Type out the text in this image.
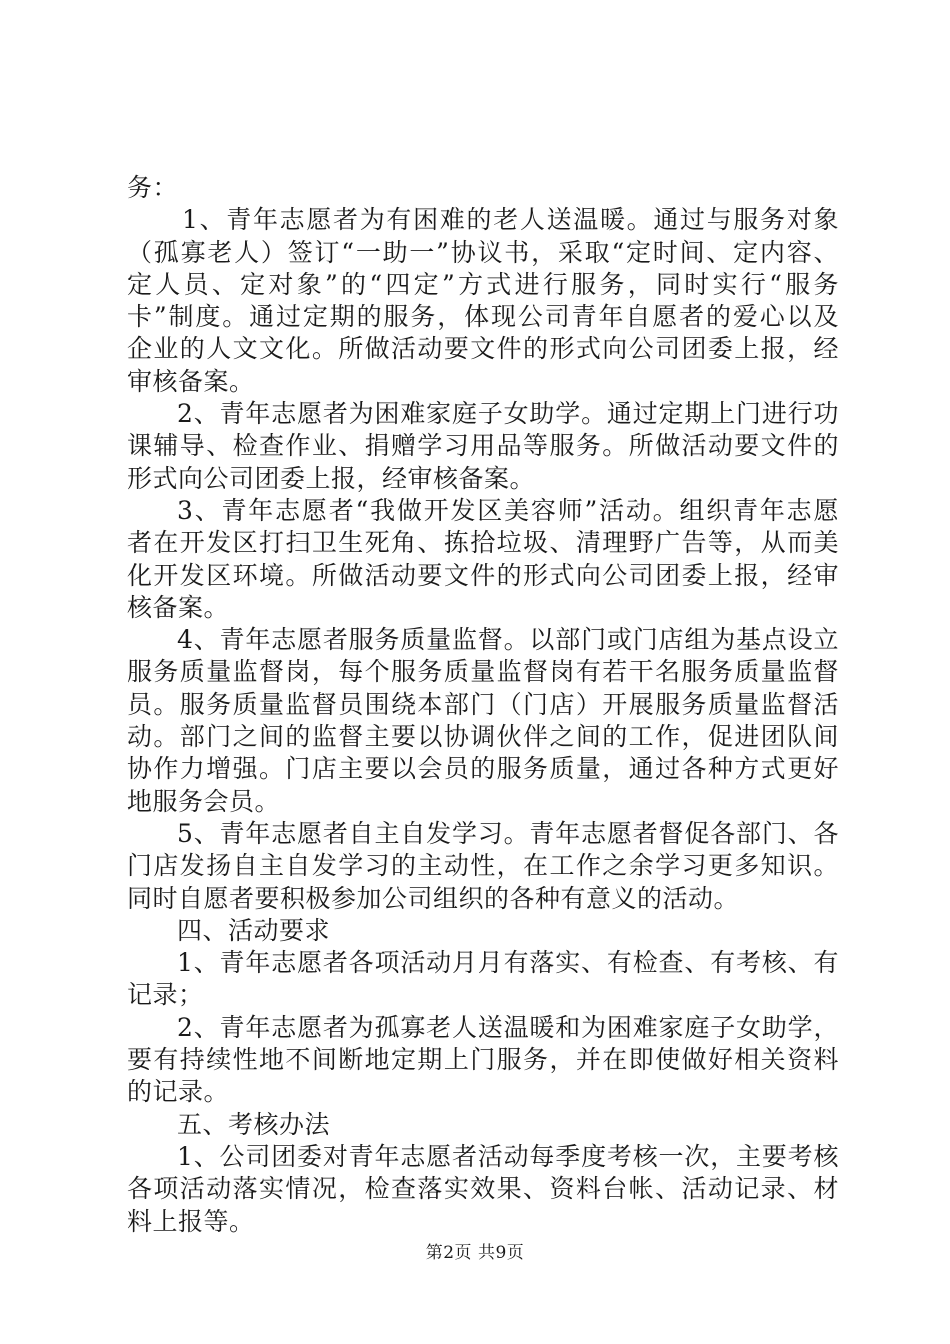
务：
1、青年志愿者为有困难的老人送温暖。通过与服务对象
（孤寡老人）签订“一助一”协议书，采取“定时间、定内容、
定人员、定对象”的“四定”方式进行服务，同时实行“服务
卡”制度。通过定期的服务，体现公司青年自愿者的爱心以及
企业的人文文化。所做活动要文件的形式向公司团委上报，经
审核备案。
2、青年志愿者为困难家庭子女助学。通过定期上门进行功
课辅导、检查作业、捐赠学习用品等服务。所做活动要文件的
形式向公司团委上报，经审核备案。
3、青年志愿者“我做开发区美容师”活动。组织青年志愿
者在开发区打扫卫生死角、拣拾垃圾、清理野广告等，从而美
化开发区环境。所做活动要文件的形式向公司团委上报，经审
核备案。
4、青年志愿者服务质量监督。以部门或门店组为基点设立
服务质量监督岗，每个服务质量监督岗有若干名服务质量监督
员。服务质量监督员围绕本部门（门店）开展服务质量监督活
动。部门之间的监督主要以协调伙伴之间的工作，促进团队间
协作力增强。门店主要以会员的服务质量，通过各种方式更好
地服务会员。
5、青年志愿者自主自发学习。青年志愿者督促各部门、各
门店发扬自主自发学习的主动性，在工作之余学习更多知识。
同时自愿者要积极参加公司组织的各种有意义的活动。
四、活动要求
1、青年志愿者各项活动月月有落实、有检查、有考核、有
记录；
2、青年志愿者为孤寡老人送温暖和为困难家庭子女助学，
要有持续性地不间断地定期上门服务，并在即使做好相关资料
的记录。
五、考核办法
1、公司团委对青年志愿者活动每季度考核一次，主要考核
各项活动落实情况，检查落实效果、资料台帐、活动记录、材
料上报等。
第2页 共9页
